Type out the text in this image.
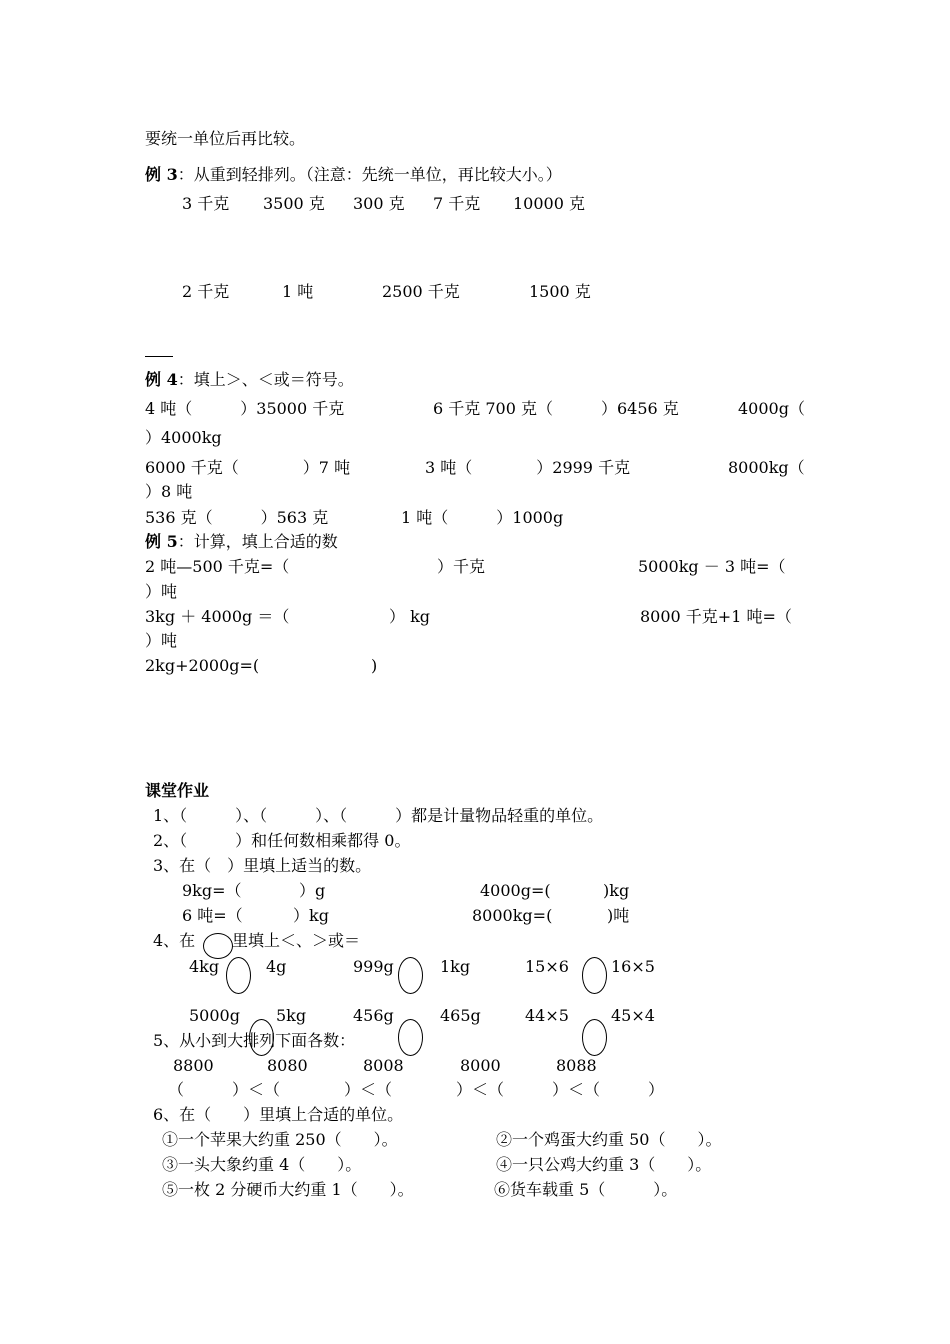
要统一单位后再比较。
例 3：从重到轻排列。（注意：先统一单位，再比较大小。）
3 千克 3500 克 300 克 7 千克 10000 克
2 千克	1 吨	2500 千克	1500 克
例 4：填上＞、＜或＝符号。
4 吨（　　　）35000 千克	6 千克 700 克（　　　）6456 克	4000g（
）4000kg
6000 千克（　　　　）7 吨	3 吨（　　　　）2999 千克	8000kg（
）8 吨
536 克（　　　）563 克	1 吨（　　　）1000g
例 5：计算，填上合适的数
2 吨—500 千克=（	）千克	5000kg － 3 吨=（
）吨
3kg ＋ 4000g ＝（	） kg	8000 千克+1 吨=（
）吨
2kg+2000g=(	)
课堂作业
1、（　　　）、（　　　）、（　　　）都是计量物品轻重的单位。
2、（　　　）和任何数相乘都得 0。
3、在（　）里填上适当的数。
9kg=（	）g	4000g=(	)kg
6 吨=（	）kg	8000kg=(	)吨
4、在 里填上＜、＞或＝
4kg	4g	999g	1kg	15×6	16×5
5000g 5kg	456g	465g	44×5	45×4
5、从小到大排列下面各数：
8800	8080	8008	8000	8088
（　　　）＜（　　　　）＜（　　　　）＜（　　　）＜（　　　）
6、在（　　）里填上合适的单位。
①一个苹果大约重 250（　　）。	②一个鸡蛋大约重 50（　　）。
③一头大象约重 4（　　）。	④一只公鸡大约重 3（　　）。
⑤一枚 2 分硬币大约重 1（　　）。	⑥货车载重 5（　　　）。
